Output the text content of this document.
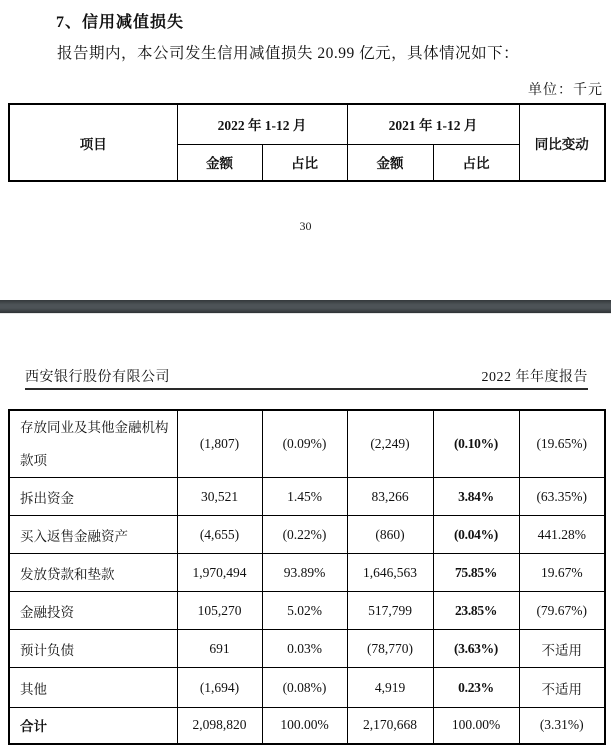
7、信用减值损失
报告期内，本公司发生信用减值损失 20.99 亿元，具体情况如下：
单位：千元
项目	2022 年 1-12 月		2021 年 1-12 月		同比变动
	金额	占比	金额	占比	
30
西安银行股份有限公司	2022 年年度报告
存放同业及其他金融机构款项	(1,807)	(0.09%)	(2,249)	(0.10%)	(19.65%)
拆出资金	30,521	1.45%	83,266	3.84%	(63.35%)
买入返售金融资产	(4,655)	(0.22%)	(860)	(0.04%)	441.28%
发放贷款和垫款	1,970,494	93.89%	1,646,563	75.85%	19.67%
金融投资	105,270	5.02%	517,799	23.85%	(79.67%)
预计负债	691	0.03%	(78,770)	(3.63%)	不适用
其他	(1,694)	(0.08%)	4,919	0.23%	不适用
合计	2,098,820	100.00%	2,170,668	100.00%	(3.31%)
